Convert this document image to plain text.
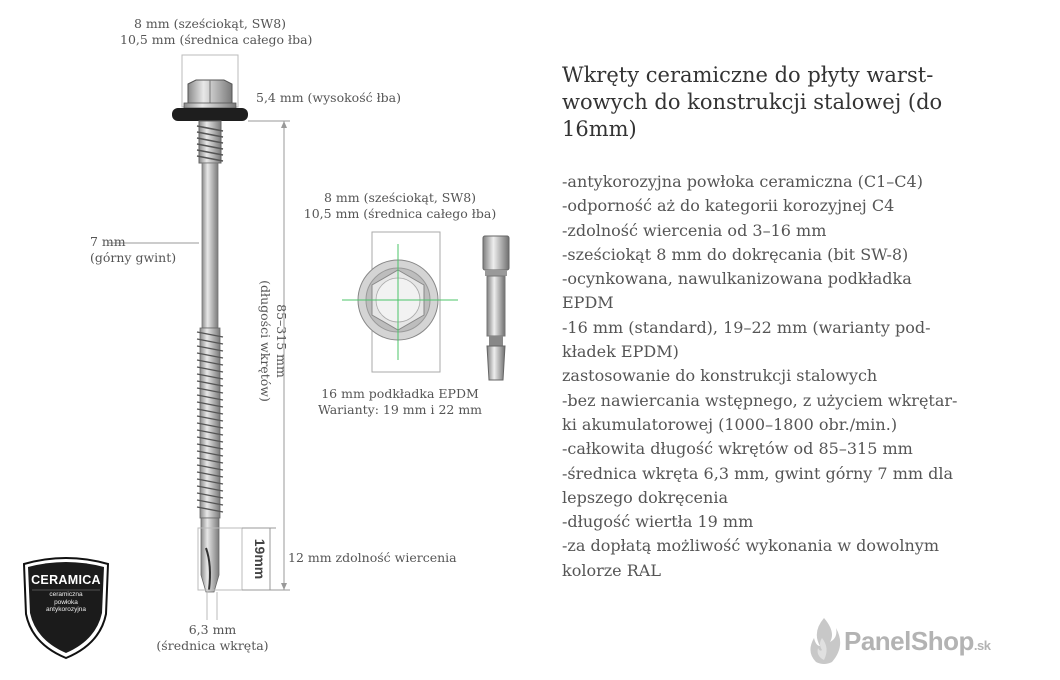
8 mm (sześciokąt, SW8)
10,5 mm (średnica całego łba)
5,4 mm (wysokość łba)
7 mm
(górny gwint)
85–315 mm
(długości wkrętów)
19mm 12 mm zdolność wiercenia
6,3 mm
(średnica wkręta)
8 mm (sześciokąt, SW8)
10,5 mm (średnica całego łba)
16 mm podkładka EPDM
Warianty: 19 mm i 22 mm
CERAMICA
ceramiczna
powłoka
antykorozyjna
Wkręty ceramiczne do płyty warst-
wowych do konstrukcji stalowej (do
16mm)
-antykorozyjna powłoka ceramiczna (C1–C4)
-odporność aż do kategorii korozyjnej C4
-zdolność wiercenia od 3–16 mm
-sześciokąt 8 mm do dokręcania (bit SW-8)
-ocynkowana, nawulkanizowana podkładka
EPDM
-16 mm (standard), 19–22 mm (warianty pod-
kładek EPDM)
zastosowanie do konstrukcji stalowych
-bez nawiercania wstępnego, z użyciem wkrętar-
ki akumulatorowej (1000–1800 obr./min.)
-całkowita długość wkrętów od 85–315 mm
-średnica wkręta 6,3 mm, gwint górny 7 mm dla
lepszego dokręcenia
-długość wiertła 19 mm
-za dopłatą możliwość wykonania w dowolnym
kolorze RAL
PanelShop.sk
